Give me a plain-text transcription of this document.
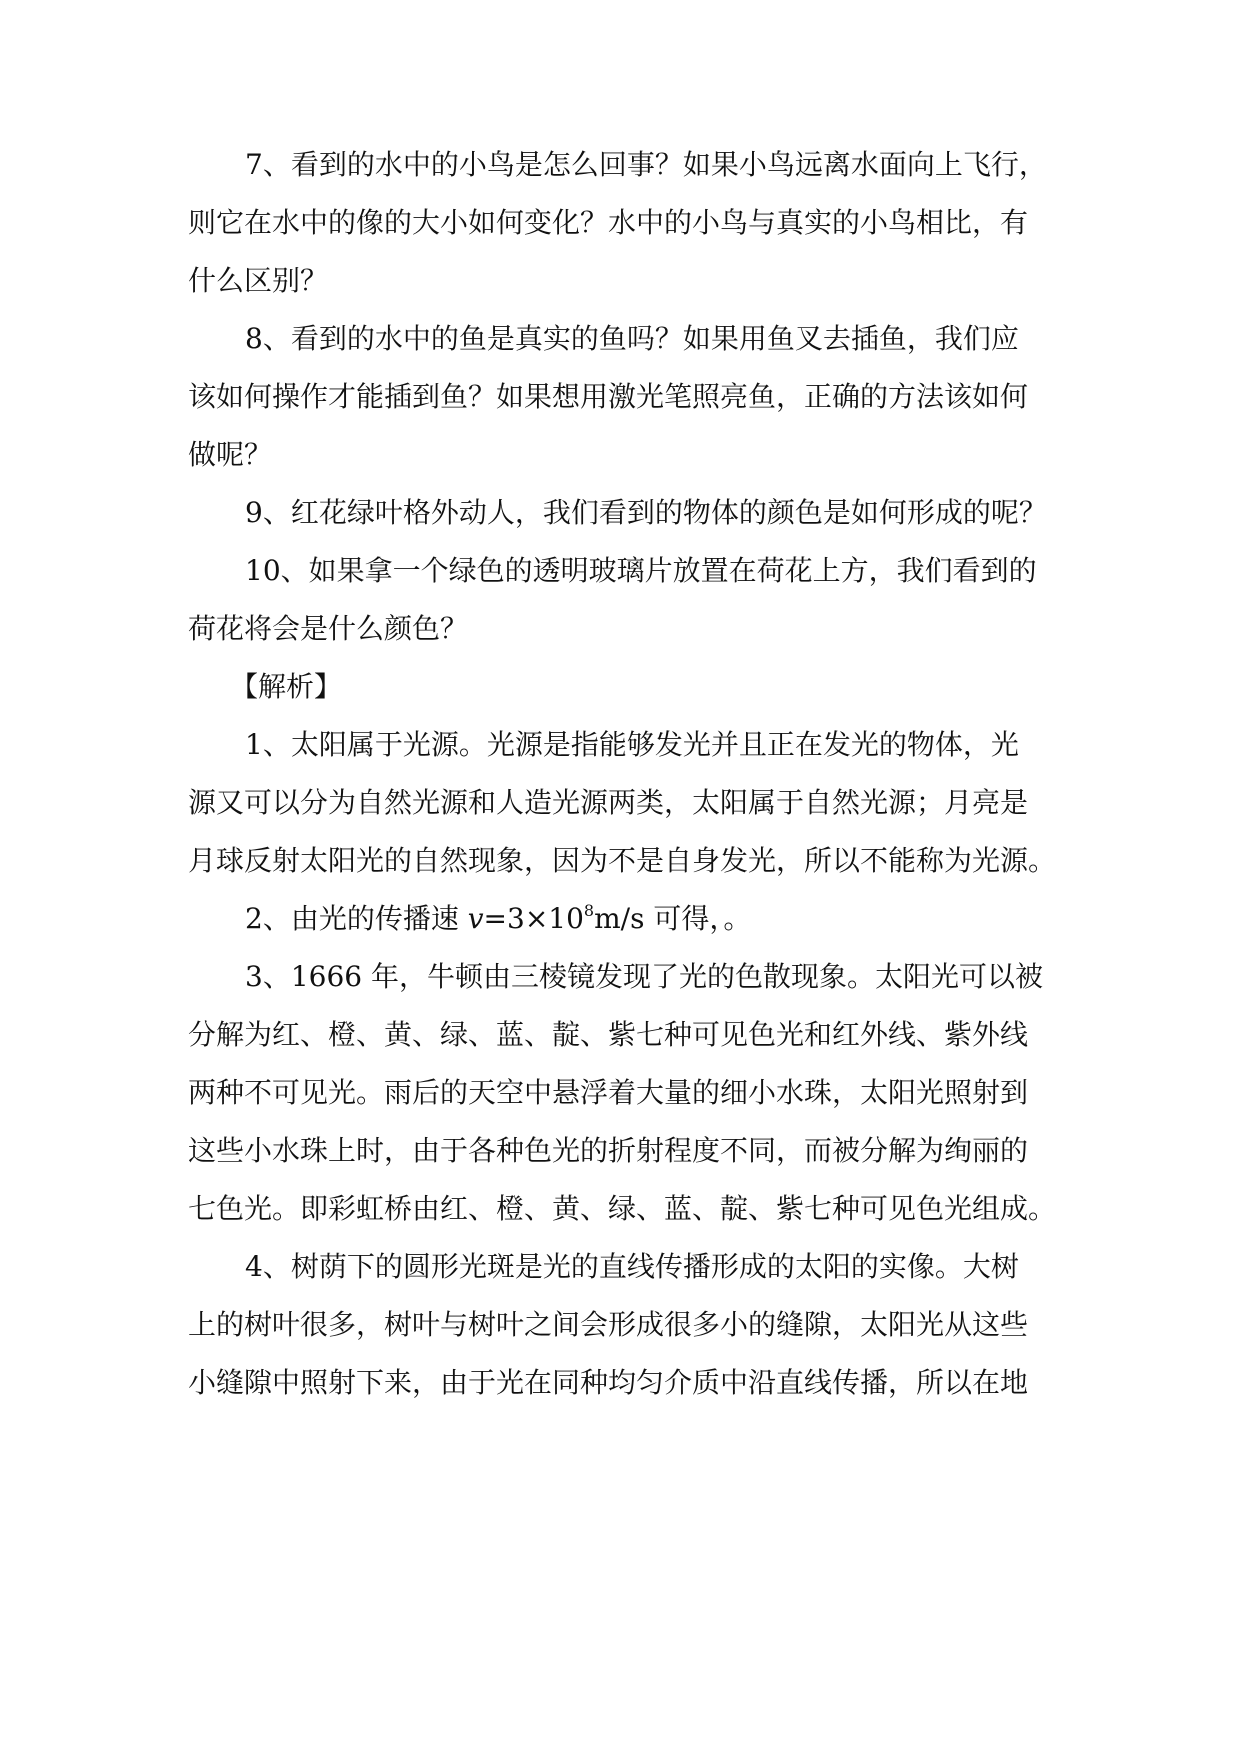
7、看到的水中的小鸟是怎么回事？如果小鸟远离水面向上飞行，
则它在水中的像的大小如何变化？水中的小鸟与真实的小鸟相比，有
什么区别？
8、看到的水中的鱼是真实的鱼吗？如果用鱼叉去插鱼，我们应
该如何操作才能插到鱼？如果想用激光笔照亮鱼，正确的方法该如何
做呢？
9、红花绿叶格外动人，我们看到的物体的颜色是如何形成的呢？
10、如果拿一个绿色的透明玻璃片放置在荷花上方，我们看到的
荷花将会是什么颜色？
【解析】
1、太阳属于光源。光源是指能够发光并且正在发光的物体，光
源又可以分为自然光源和人造光源两类，太阳属于自然光源；月亮是
月球反射太阳光的自然现象，因为不是自身发光，所以不能称为光源。
2、由光的传播速 $v=3\times 10^8m/s$ 可得，。
3、1666 年，牛顿由三棱镜发现了光的色散现象。太阳光可以被
分解为红、橙、黄、绿、蓝、靛、紫七种可见色光和红外线、紫外线
两种不可见光。雨后的天空中悬浮着大量的细小水珠，太阳光照射到
这些小水珠上时，由于各种色光的折射程度不同，而被分解为绚丽的
七色光。即彩虹桥由红、橙、黄、绿、蓝、靛、紫七种可见色光组成。
4、树荫下的圆形光斑是光的直线传播形成的太阳的实像。大树
上的树叶很多，树叶与树叶之间会形成很多小的缝隙，太阳光从这些
小缝隙中照射下来，由于光在同种均匀介质中沿直线传播，所以在地
